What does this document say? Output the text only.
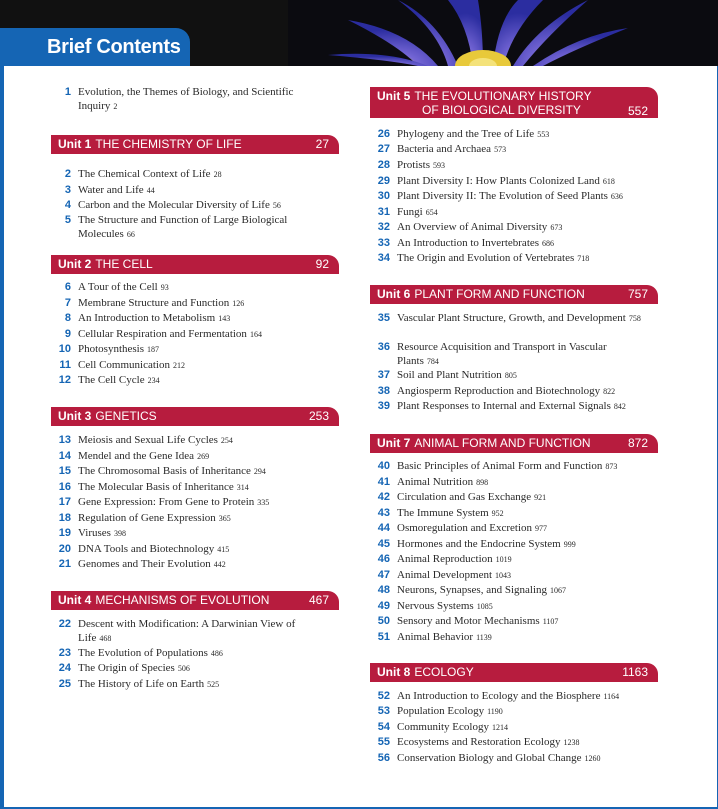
Brief Contents
1 Evolution, the Themes of Biology, and Scientific Inquiry 2
Unit 1 THE CHEMISTRY OF LIFE	27
2 The Chemical Context of Life 28
3 Water and Life 44
4 Carbon and the Molecular Diversity of Life 56
5 The Structure and Function of Large Biological Molecules 66
Unit 2 THE CELL	92
6 A Tour of the Cell 93
7 Membrane Structure and Function 126
8 An Introduction to Metabolism 143
9 Cellular Respiration and Fermentation 164
10 Photosynthesis 187
11 Cell Communication 212
12 The Cell Cycle 234
Unit 3 GENETICS	253
13 Meiosis and Sexual Life Cycles 254
14 Mendel and the Gene Idea 269
15 The Chromosomal Basis of Inheritance 294
16 The Molecular Basis of Inheritance 314
17 Gene Expression: From Gene to Protein 335
18 Regulation of Gene Expression 365
19 Viruses 398
20 DNA Tools and Biotechnology 415
21 Genomes and Their Evolution 442
Unit 4 MECHANISMS OF EVOLUTION	467
22 Descent with Modification: A Darwinian View of Life 468
23 The Evolution of Populations 486
24 The Origin of Species 506
25 The History of Life on Earth 525
Unit 5 THE EVOLUTIONARY HISTORY
OF BIOLOGICAL DIVERSITY	552
26 Phylogeny and the Tree of Life 553
27 Bacteria and Archaea 573
28 Protists 593
29 Plant Diversity I: How Plants Colonized Land 618
30 Plant Diversity II: The Evolution of Seed Plants 636
31 Fungi 654
32 An Overview of Animal Diversity 673
33 An Introduction to Invertebrates 686
34 The Origin and Evolution of Vertebrates 718
Unit 6 PLANT FORM AND FUNCTION	757
35 Vascular Plant Structure, Growth, and Development 758
36 Resource Acquisition and Transport in Vascular Plants 784
37 Soil and Plant Nutrition 805
38 Angiosperm Reproduction and Biotechnology 822
39 Plant Responses to Internal and External Signals 842
Unit 7 ANIMAL FORM AND FUNCTION	872
40 Basic Principles of Animal Form and Function 873
41 Animal Nutrition 898
42 Circulation and Gas Exchange 921
43 The Immune System 952
44 Osmoregulation and Excretion 977
45 Hormones and the Endocrine System 999
46 Animal Reproduction 1019
47 Animal Development 1043
48 Neurons, Synapses, and Signaling 1067
49 Nervous Systems 1085
50 Sensory and Motor Mechanisms 1107
51 Animal Behavior 1139
Unit 8 ECOLOGY	1163
52 An Introduction to Ecology and the Biosphere 1164
53 Population Ecology 1190
54 Community Ecology 1214
55 Ecosystems and Restoration Ecology 1238
56 Conservation Biology and Global Change 1260
